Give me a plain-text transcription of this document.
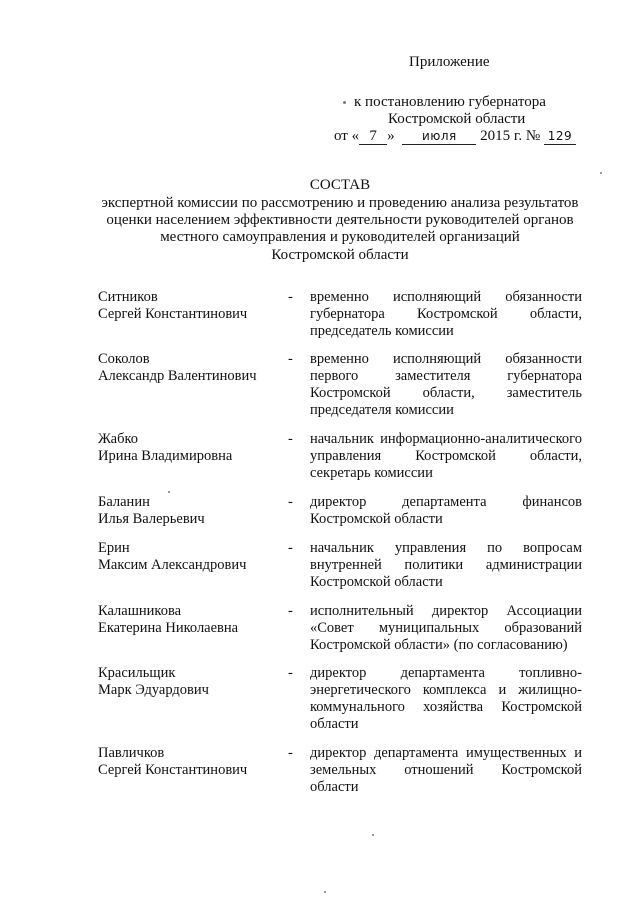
Приложение
к постановлению губернатора
Костромской области
от « 7 » июля 2015 г. № 129
СОСТАВ
экспертной комиссии по рассмотрению и проведению анализа результатов
оценки населением эффективности деятельности руководителей органов
местного самоуправления и руководителей организаций
Костромской области
Ситников
Сергей Константинович
- временно исполняющий обязанности губернатора Костромской области, председатель комиссии
Соколов
Александр Валентинович
- временно исполняющий обязанности первого заместителя губернатора Костромской области, заместитель председателя комиссии
Жабко
Ирина Владимировна
- начальник информационно-аналитического управления Костромской области, секретарь комиссии
Баланин
Илья Валерьевич
- директор департамента финансов Костромской области
Ерин
Максим Александрович
- начальник управления по вопросам внутренней политики администрации Костромской области
Калашникова
Екатерина Николаевна
- исполнительный директор Ассоциации «Совет муниципальных образований Костромской области» (по согласованию)
Красильщик
Марк Эдуардович
- директор департамента топливно-энергетического комплекса и жилищно-коммунального хозяйства Костромской области
Павличков
Сергей Константинович
- директор департамента имущественных и земельных отношений Костромской области
